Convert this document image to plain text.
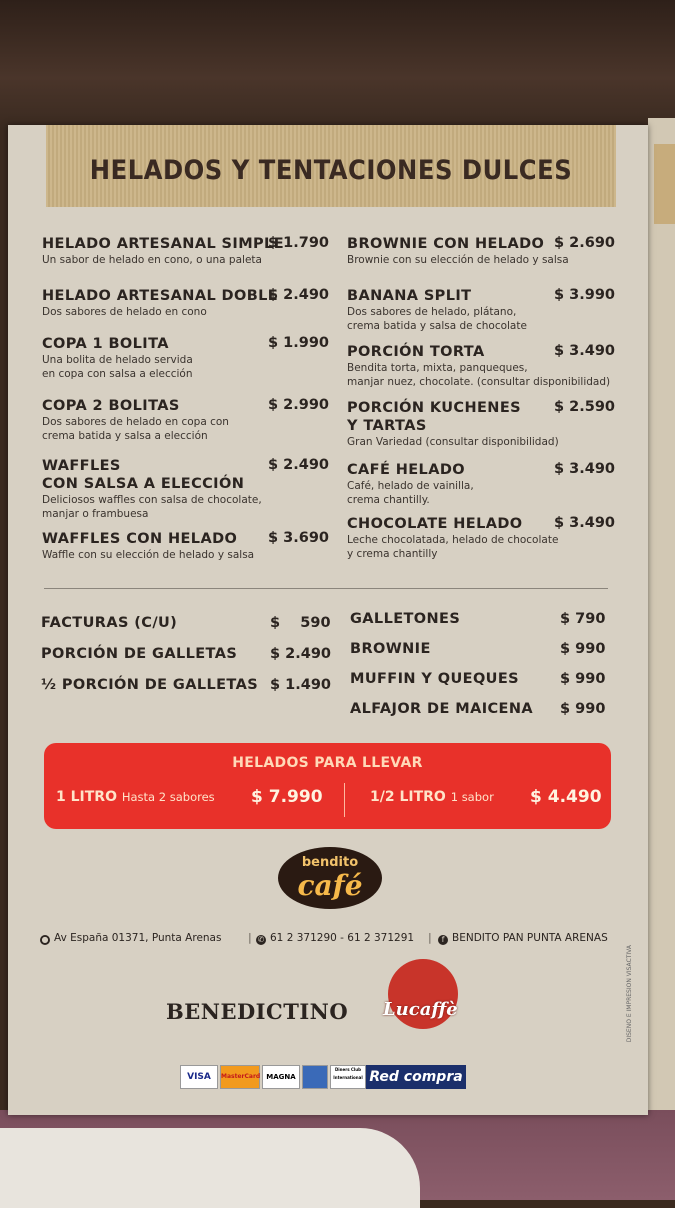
HELADOS Y TENTACIONES DULCES
HELADO ARTESANAL SIMPLE
Un sabor de helado en cono, o una paleta
$ 1.790
HELADO ARTESANAL DOBLE
Dos sabores de helado en cono
$ 2.490
COPA 1 BOLITA
Una bolita de helado servida
en copa con salsa a elección
$ 1.990
COPA 2 BOLITAS
Dos sabores de helado en copa con
crema batida y salsa a elección
$ 2.990
WAFFLES
CON SALSA A ELECCIÓN
Deliciosos waffles con salsa de chocolate,
manjar o frambuesa
$ 2.490
WAFFLES CON HELADO
Waffle con su elección de helado y salsa
$ 3.690
BROWNIE CON HELADO
Brownie con su elección de helado y salsa
$ 2.690
BANANA SPLIT
Dos sabores de helado, plátano,
crema batida y salsa de chocolate
$ 3.990
PORCIÓN TORTA
Bendita torta, mixta, panqueques,
manjar nuez, chocolate. (consultar disponibilidad)
$ 3.490
PORCIÓN KUCHENES
Y TARTAS
Gran Variedad (consultar disponibilidad)
$ 2.590
CAFÉ HELADO
Café, helado de vainilla,
crema chantilly.
$ 3.490
CHOCOLATE HELADO
Leche chocolatada, helado de chocolate
y crema chantilly
$ 3.490
FACTURAS (C/U)	$    590
PORCIÓN DE GALLETAS $ 2.490
½ PORCIÓN DE GALLETAS $ 1.490
GALLETONES	$ 790
BROWNIE	$ 990
MUFFIN Y QUEQUES	$ 990
ALFAJOR DE MAICENA $ 990
HELADOS PARA LLEVAR
1 LITRO Hasta 2 sabores $ 7.990	1/2 LITRO 1 sabor $ 4.490
bendito
café
● Av España 01371, Punta Arenas | ✆ 61 2 371290 - 61 2 371291 |	f BENDITO PAN PUNTA ARENAS
BENEDICTINO Lucaffè
VISA	MasterCard MAGNA
Diners Club International Red compra
DISEÑO E IMPRESIÓN VISACTIVA
